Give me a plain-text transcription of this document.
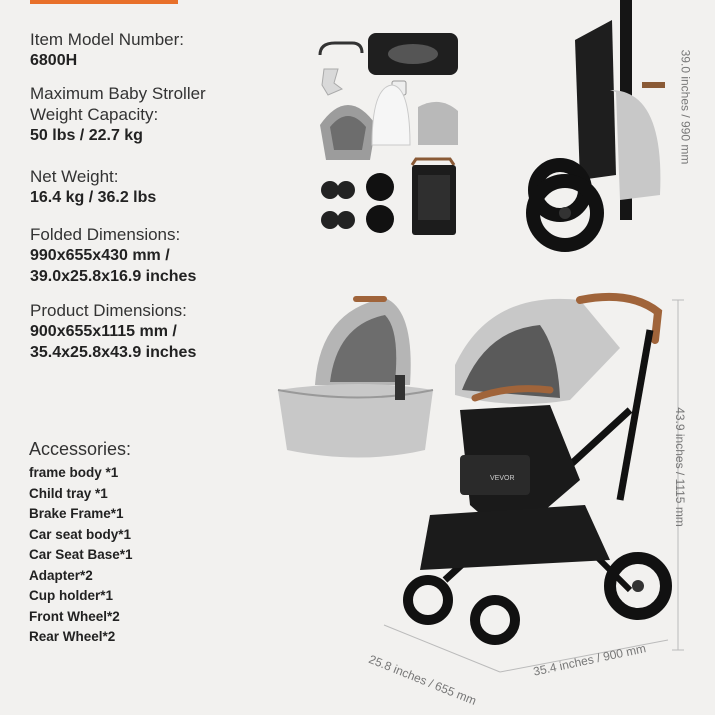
Item Model Number:
6800H
Maximum Baby Stroller
Weight Capacity:
50 lbs / 22.7 kg
Net Weight:
16.4 kg / 36.2 lbs
Folded Dimensions:
990x655x430 mm /
39.0x25.8x16.9 inches
Product Dimensions:
900x655x1115 mm /
35.4x25.8x43.9 inches
Accessories:
frame body *1
Child tray *1
Brake Frame*1
Car seat body*1
Car Seat Base*1
Adapter*2
Cup holder*1
Front Wheel*2
Rear Wheel*2
VEVOR
39.0 inches / 990 mm
43.9 inches / 1115 mm
25.8 inches / 655 mm	35.4 inches / 900 mm
